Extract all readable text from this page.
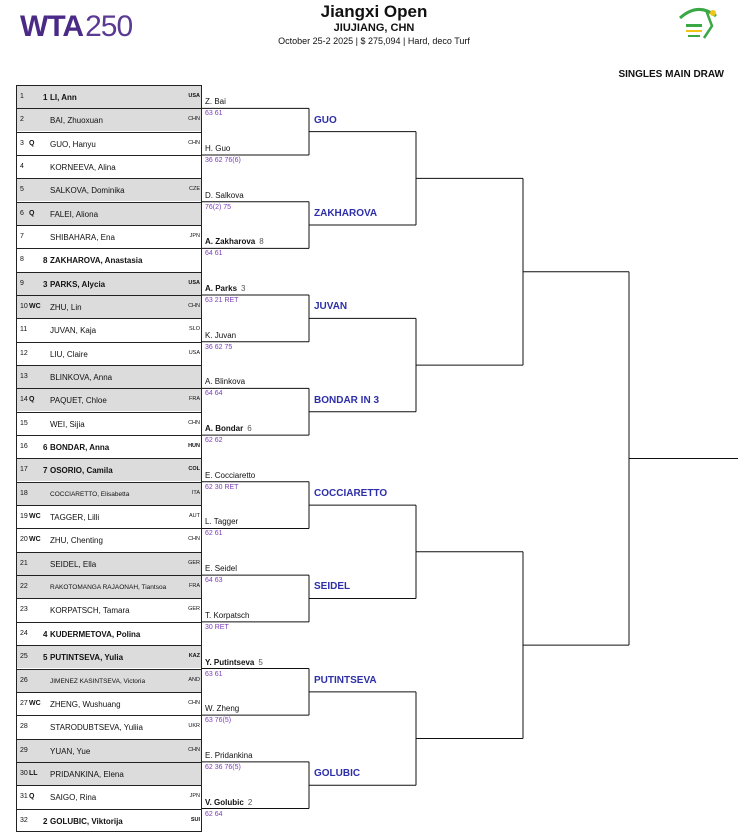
WTA250	Jiangxi Open
JIUJIANG, CHN
October 25-2 2025 | $ 275,094 | Hard, deco Turf
SINGLES MAIN DRAW
1 1 LI, Ann	USA
2	BAI, Zhuoxuan	CHN
3 Q GUO, Hanyu	CHN
4	KORNEEVA, Alina
5	SALKOVA, Dominika	CZE
6 Q FALEI, Aliona
7	SHIBAHARA, Ena	JPN
8 8 ZAKHAROVA, Anastasia
9 3 PARKS, Alycia	USA
10 WC ZHU, Lin	CHN
11	JUVAN, Kaja	SLO
12	LIU, Claire	USA
13	BLINKOVA, Anna
14 Q PAQUET, Chloe	FRA
15	WEI, Sijia	CHN
16 6 BONDAR, Anna	HUN
17 7 OSORIO, Camila	COL
18	COCCIARETTO, Elisabetta	ITA
19 WC TAGGER, Lilli	AUT
20 WC ZHU, Chenting	CHN
21	SEIDEL, Ella	GER
22	RAKOTOMANGA RAJAONAH, Tiantsoa	FRA
23	KORPATSCH, Tamara	GER
24 4 KUDERMETOVA, Polina
25 5 PUTINTSEVA, Yulia	KAZ
26	JIMENEZ KASINTSEVA, Victoria	AND
27 WC ZHENG, Wushuang	CHN
28	STARODUBTSEVA, Yuliia	UKR
29	YUAN, Yue	CHN
30 LL PRIDANKINA, Elena
31 Q SAIGO, Rina	JPN
32 2 GOLUBIC, Viktorija	SUI
Z. Bai
63 61
H. Guo
36 62 76(6)
D. Salkova
76(2) 75
A. Zakharova 8
64 61
A. Parks 3
63 21 RET
K. Juvan
36 62 75
A. Blinkova
64 64
A. Bondar 6
62 62
E. Cocciaretto
62 30 RET
L. Tagger
62 61
E. Seidel
64 63
T. Korpatsch
30 RET
Y. Putintseva 5
63 61
W. Zheng
63 76(5)
E. Pridankina
62 36 76(5)
V. Golubic 2
62 64
GUO
ZAKHAROVA
JUVAN
BONDAR IN 3
COCCIARETTO
SEIDEL
PUTINTSEVA
GOLUBIC
